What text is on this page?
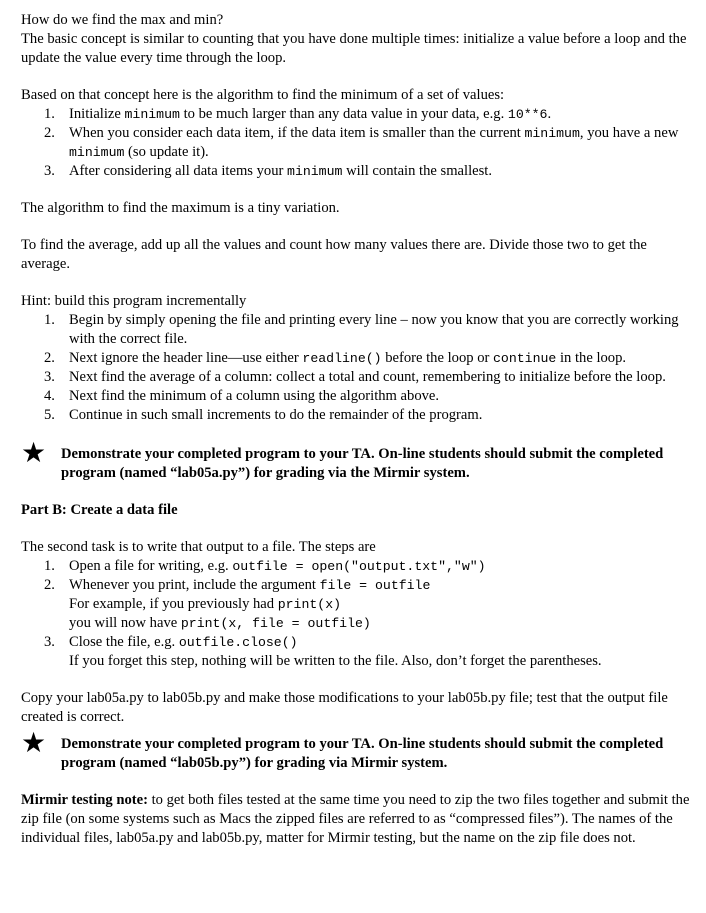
How do we find the max and min?

The basic concept is similar to counting that you have done multiple times: initialize a value before a loop and the update the value every time through the loop.

Based on that concept here is the algorithm to find the minimum of a set of values:

1. Initialize minimum to be much larger than any data value in your data, e.g. 10**6.
2. When you consider each data item, if the data item is smaller than the current minimum, you have a new minimum (so update it).
3. After considering all data items your minimum will contain the smallest.

The algorithm to find the maximum is a tiny variation.

To find the average, add up all the values and count how many values there are. Divide those two to get the average.

Hint: build this program incrementally

1. Begin by simply opening the file and printing every line – now you know that you are correctly working with the correct file.
2. Next ignore the header line—use either readline() before the loop or continue in the loop.
3. Next find the average of a column: collect a total and count, remembering to initialize before the loop.
4. Next find the minimum of a column using the algorithm above.
5. Continue in such small increments to do the remainder of the program.

★ Demonstrate your completed program to your TA. On-line students should submit the completed program (named “lab05a.py”) for grading via the Mirmir system.

Part B: Create a data file

The second task is to write that output to a file. The steps are

1. Open a file for writing, e.g. outfile = open("output.txt","w")
2. Whenever you print, include the argument file = outfile
For example, if you previously had print(x)
you will now have print(x, file = outfile)
3. Close the file, e.g. outfile.close()
If you forget this step, nothing will be written to the file. Also, don’t forget the parentheses.

Copy your lab05a.py to lab05b.py and make those modifications to your lab05b.py file; test that the output file created is correct.

★ Demonstrate your completed program to your TA. On-line students should submit the completed program (named “lab05b.py”) for grading via Mirmir system.

Mirmir testing note: to get both files tested at the same time you need to zip the two files together and submit the zip file (on some systems such as Macs the zipped files are referred to as “compressed files”). The names of the individual files, lab05a.py and lab05b.py, matter for Mirmir testing, but the name on the zip file does not.
